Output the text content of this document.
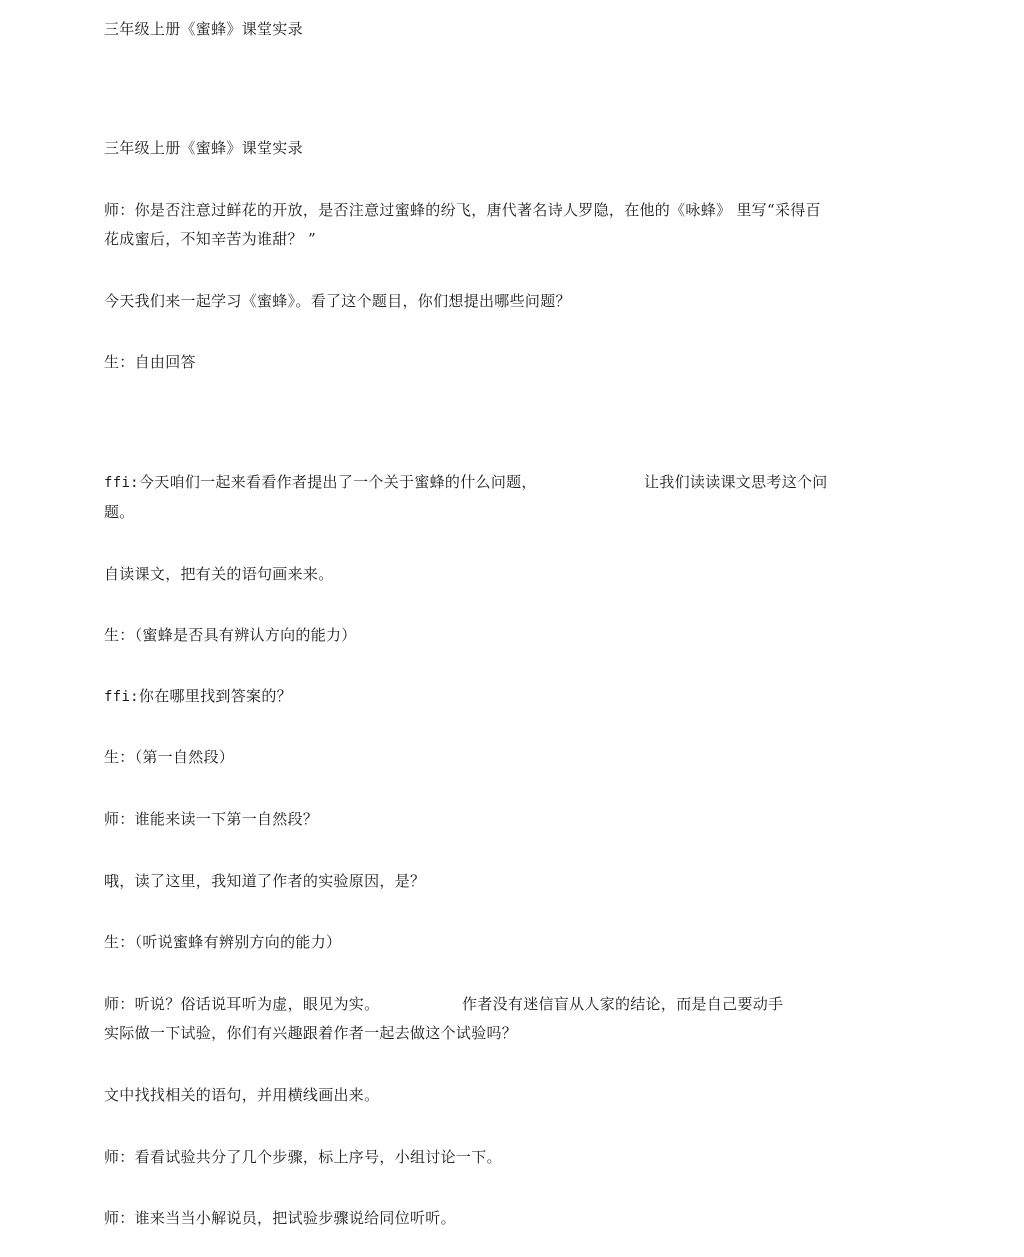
三年级上册《蜜蜂》课堂实录
三年级上册《蜜蜂》课堂实录
师：你是否注意过鲜花的开放，是否注意过蜜蜂的纷飞，唐代著名诗人罗隐，在他的《咏蜂》 里写“采得百
花成蜜后，不知辛苦为谁甜？ ”
今天我们来一起学习《蜜蜂》。看了这个题目，你们想提出哪些问题？
生：自由回答
ffi:今天咱们一起来看看作者提出了一个关于蜜蜂的什么问题，	让我们读读课文思考这个问
题。
自读课文，把有关的语句画来来。
生：（蜜蜂是否具有辨认方向的能力）
ffi:你在哪里找到答案的？
生：（第一自然段）
师：谁能来读一下第一自然段？
哦，读了这里，我知道了作者的实验原因，是？
生：（听说蜜蜂有辨别方向的能力）
师：听说？俗话说耳听为虚，眼见为实。	作者没有迷信盲从人家的结论，而是自己要动手
实际做一下试验，你们有兴趣跟着作者一起去做这个试验吗？
文中找找相关的语句，并用横线画出来。
师：看看试验共分了几个步骤，标上序号，小组讨论一下。
师：谁来当当小解说员，把试验步骤说给同位听听。
